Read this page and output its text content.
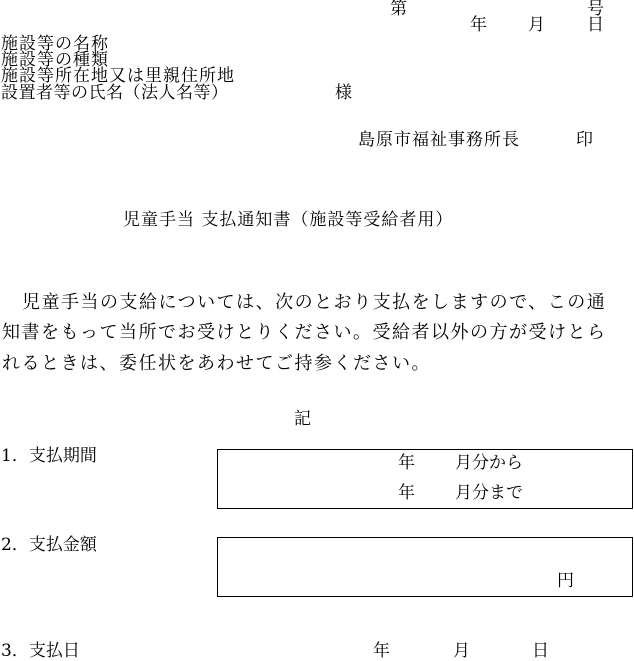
第	号
年 月 日
施設等の名称
施設等の種類
施設等所在地又は里親住所地
設置者等の氏名（法人名等）	様
島原市福祉事務所長	印
児童手当 支払通知書（施設等受給者用）
児童手当の支給については、次のとおり支払をしますので、この通
知書をもって当所でお受けとりください。受給者以外の方が受けとら
れるときは、委任状をあわせてご持参ください。
記
1．支払期間	年 月分から
年 月分まで
2．支払金額
円
3．支払日	年	月	日
